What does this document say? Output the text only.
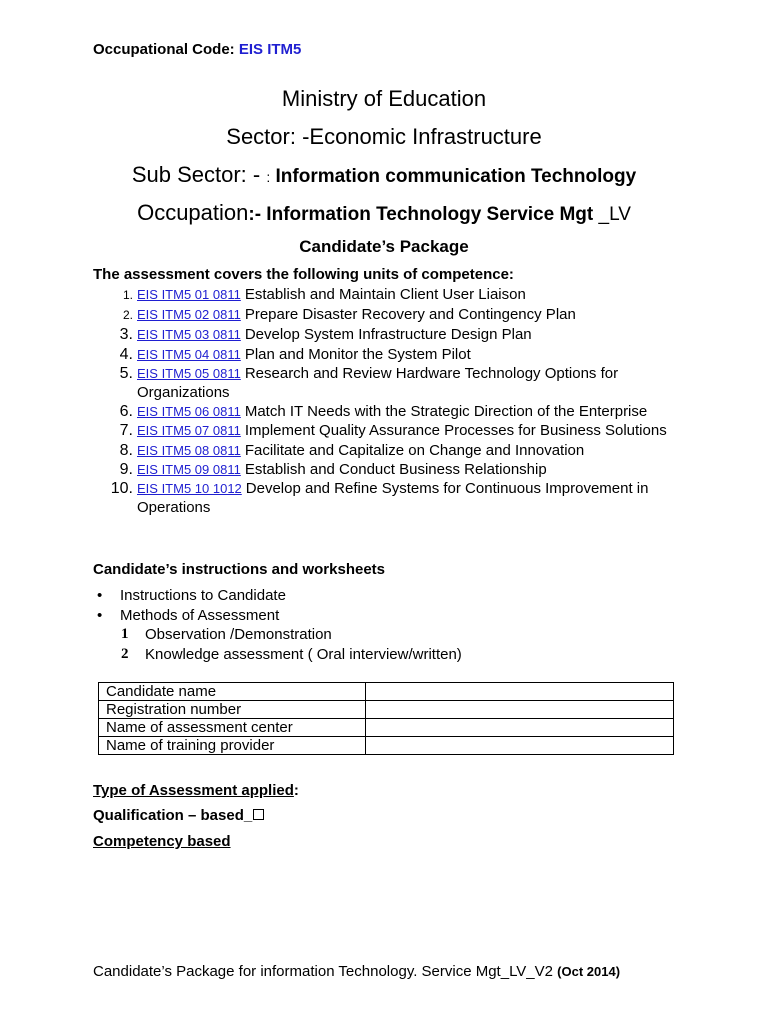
Occupational Code: EIS ITM5
Ministry of Education
Sector: -Economic Infrastructure
Sub Sector: - : Information communication Technology
Occupation:- Information Technology Service Mgt _LV
Candidate’s Package
The assessment covers the following units of competence:
1. EIS ITM5 01 0811 Establish and Maintain Client User Liaison
2. EIS ITM5 02 0811 Prepare Disaster Recovery and Contingency Plan
3. EIS ITM5 03 0811 Develop System Infrastructure Design Plan
4. EIS ITM5 04 0811 Plan and Monitor the System Pilot
5. EIS ITM5 05 0811 Research and Review Hardware Technology Options for Organizations
6. EIS ITM5 06 0811 Match IT Needs with the Strategic Direction of the Enterprise
7. EIS ITM5 07 0811 Implement Quality Assurance Processes for Business Solutions
8. EIS ITM5 08 0811 Facilitate and Capitalize on Change and Innovation
9. EIS ITM5 09 0811 Establish and Conduct Business Relationship
10. EIS ITM5 10 1012 Develop and Refine Systems for Continuous Improvement in Operations
Candidate’s instructions and worksheets
• Instructions to Candidate
• Methods of Assessment
1 Observation /Demonstration
2 Knowledge assessment ( Oral interview/written)
Candidate name	
Registration number	
Name of assessment center	
Name of training provider	
Type of Assessment applied:
Qualification – based_
Competency based
Candidate’s Package for information Technology. Service Mgt_LV_V2 (Oct 2014)
